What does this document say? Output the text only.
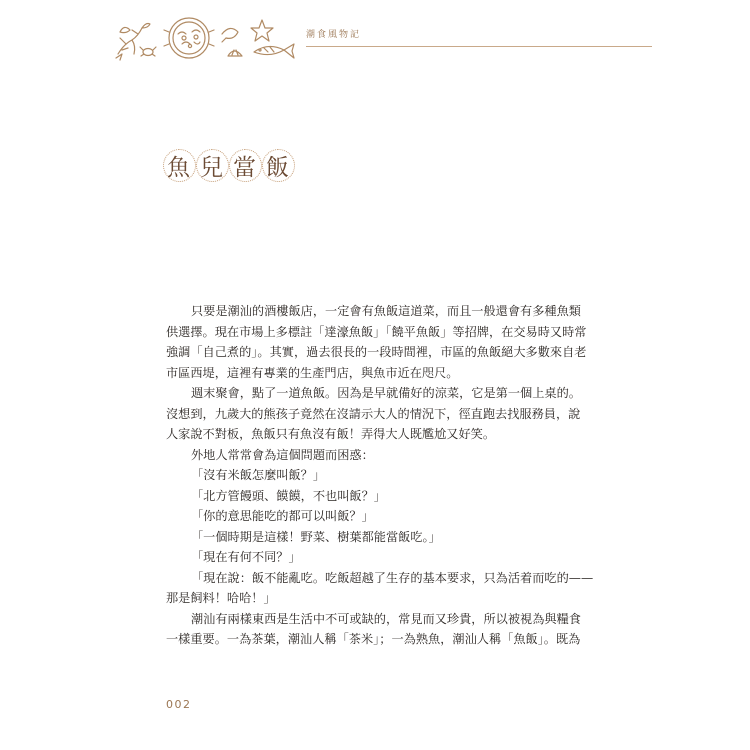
潮食風物記
魚 兒 當 飯
只要是潮汕的酒樓飯店，一定會有魚飯這道菜，而且一般還會有多種魚類
供選擇。現在市場上多標註「達濠魚飯」「饒平魚飯」等招牌，在交易時又時常
強調「自己煮的」。其實，過去很長的一段時間裡，市區的魚飯絕大多數來自老
市區西堤，這裡有專業的生產門店，與魚市近在咫尺。
週末聚會，點了一道魚飯。因為是早就備好的涼菜，它是第一個上桌的。
沒想到，九歲大的熊孩子竟然在沒請示大人的情況下，徑直跑去找服務員，說
人家說不對板，魚飯只有魚沒有飯！弄得大人既尷尬又好笑。
外地人常常會為這個問題而困惑：
「沒有米飯怎麼叫飯？」
「北方管饅頭、饃饃，不也叫飯？」
「你的意思能吃的都可以叫飯？」
「一個時期是這樣！野菜、樹葉都能當飯吃。」
「現在有何不同？」
「現在說：飯不能亂吃。吃飯超越了生存的基本要求，只為活着而吃的——
那是飼料！哈哈！」
潮汕有兩樣東西是生活中不可或缺的，常見而又珍貴，所以被視為與糧食
一樣重要。一為茶葉，潮汕人稱「茶米」；一為熟魚，潮汕人稱「魚飯」。既為
002
